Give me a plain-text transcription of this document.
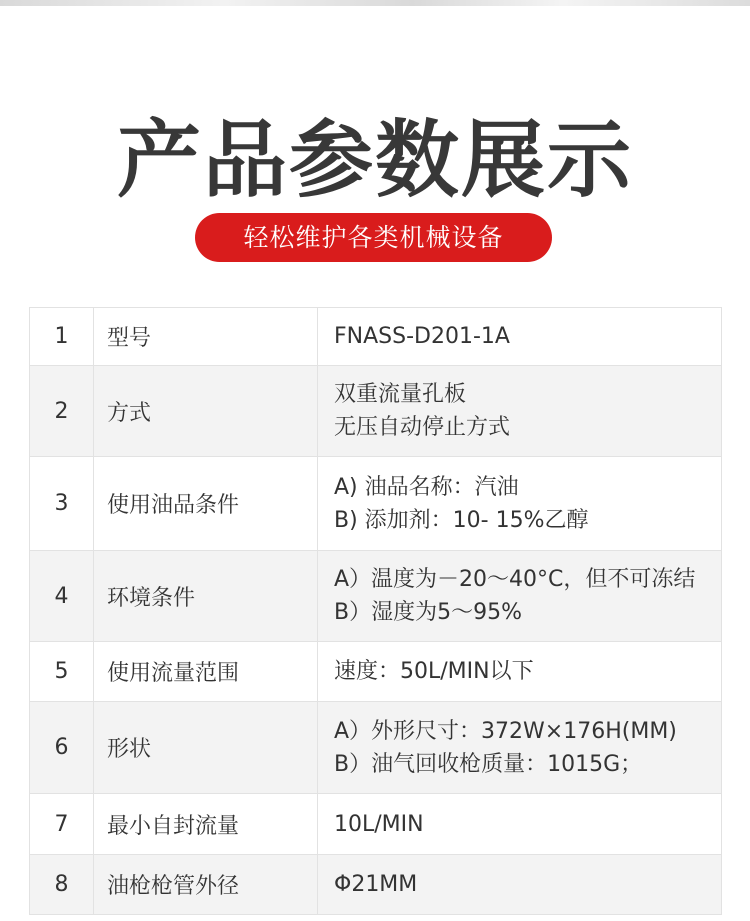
产品参数展示
轻松维护各类机械设备
1	型号	FNASS-D201-1A

2	方式	双重流量孔板
无压自动停止方式

3	使用油品条件	A) 油品名称：汽油
B) 添加剂：10- 15%乙醇

4	环境条件	A）温度为－20～40°C，但不可冻结
B）湿度为5～95%

5	使用流量范围	速度：50L/MIN以下

6	形状	A）外形尺寸：372W×176H(MM)
B）油气回收枪质量：1015G；

7	最小自封流量	10L/MIN

8	油枪枪管外径	Φ21MM
